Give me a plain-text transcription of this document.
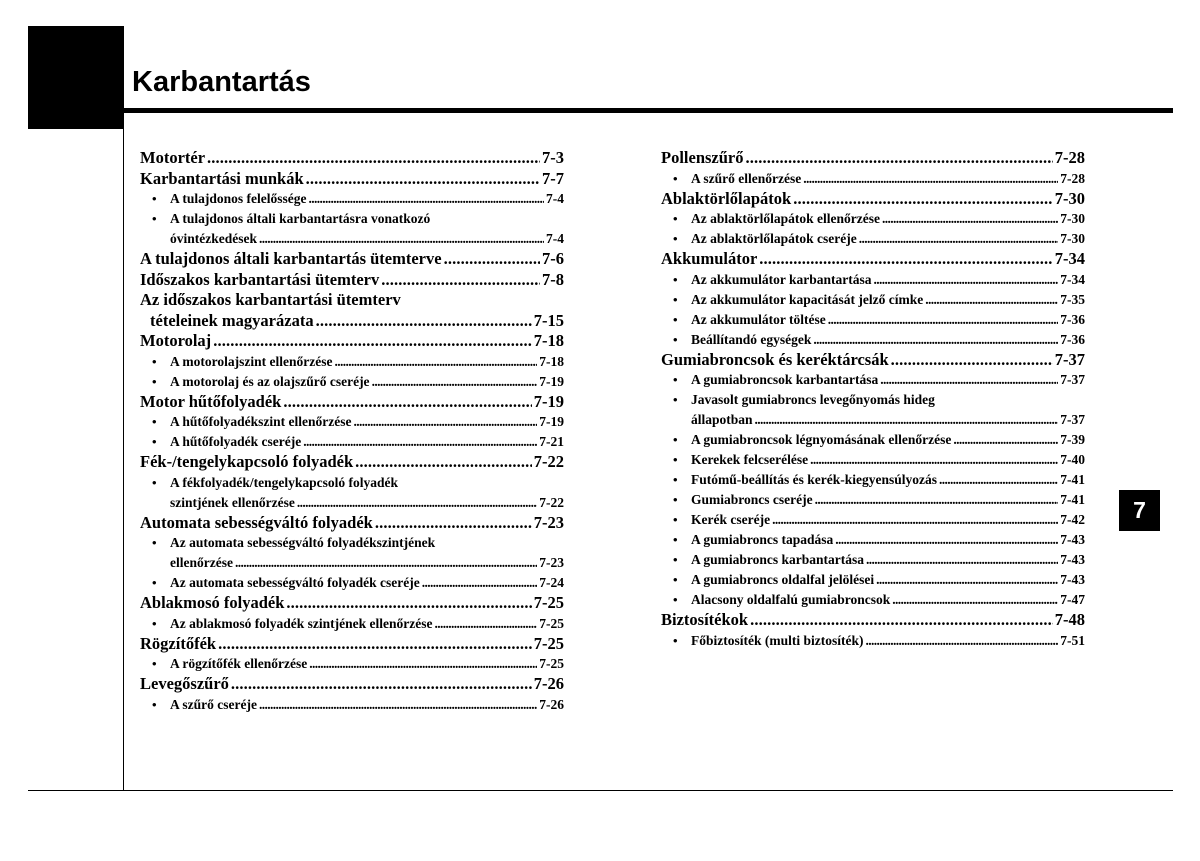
Karbantartás
7
Motortér . . .	7-3
Karbantartási munkák . . .	7-7
• A tulajdonos felelőssége . . .	7-4
• A tulajdonos általi karbantartásra vonatkozó
óvintézkedések . . .	7-4
A tulajdonos általi karbantartás ütemterve . . .	7-6
Időszakos karbantartási ütemterv . . .	7-8
Az időszakos karbantartási ütemterv
tételeinek magyarázata . . .	7-15
Motorolaj . . .	7-18
• A motorolajszint ellenőrzése . . .	7-18
• A motorolaj és az olajszűrő cseréje . . .	7-19
Motor hűtőfolyadék . . .	7-19
• A hűtőfolyadékszint ellenőrzése . . .	7-19
• A hűtőfolyadék cseréje . . .	7-21
Fék-/tengelykapcsoló folyadék . . .	7-22
• A fékfolyadék/tengelykapcsoló folyadék
szintjének ellenőrzése . . .	7-22
Automata sebességváltó folyadék . . .	7-23
• Az automata sebességváltó folyadékszintjének
ellenőrzése . . .	7-23
• Az automata sebességváltó folyadék cseréje . . .	7-24
Ablakmosó folyadék . . .	7-25
• Az ablakmosó folyadék szintjének ellenőrzése . . .	7-25
Rögzítőfék . . .	7-25
• A rögzítőfék ellenőrzése . . .	7-25
Levegőszűrő . . .	7-26
• A szűrő cseréje . . .	7-26
Pollenszűrő . . .	7-28
• A szűrő ellenőrzése . . .	7-28
Ablaktörlőlapátok . . .	7-30
• Az ablaktörlőlapátok ellenőrzése . . .	7-30
• Az ablaktörlőlapátok cseréje . . .	7-30
Akkumulátor . . .	7-34
• Az akkumulátor karbantartása . . .	7-34
• Az akkumulátor kapacitását jelző címke . . .	7-35
• Az akkumulátor töltése . . .	7-36
• Beállítandó egységek . . .	7-36
Gumiabroncsok és keréktárcsák . . .	7-37
• A gumiabroncsok karbantartása . . .	7-37
• Javasolt gumiabroncs levegőnyomás hideg
állapotban . . .	7-37
• A gumiabroncsok légnyomásának ellenőrzése . . .	7-39
• Kerekek felcserélése . . .	7-40
• Futómű-beállítás és kerék-kiegyensúlyozás . . .	7-41
• Gumiabroncs cseréje . . .	7-41
• Kerék cseréje . . .	7-42
• A gumiabroncs tapadása . . .	7-43
• A gumiabroncs karbantartása . . .	7-43
• A gumiabroncs oldalfal jelölései . . .	7-43
• Alacsony oldalfalú gumiabroncsok . . .	7-47
Biztosítékok . . .	7-48
• Főbiztosíték (multi biztosíték) . . .	7-51
